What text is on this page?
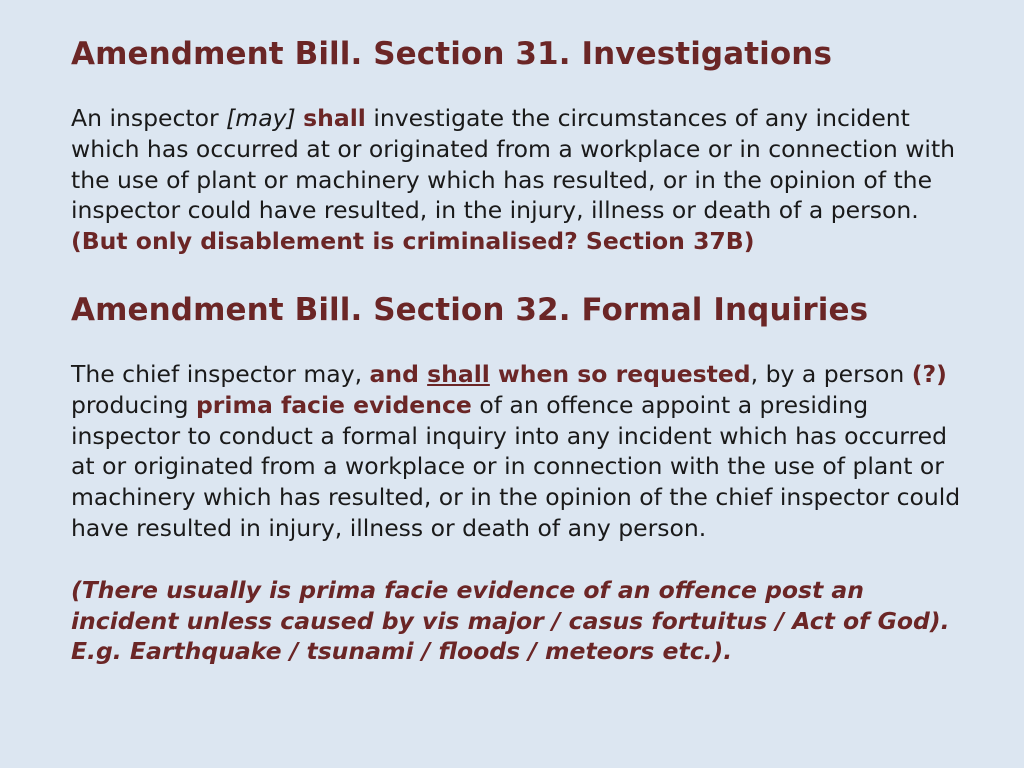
Amendment Bill. Section 31. Investigations

An inspector [may] shall investigate the circumstances of any incident which has occurred at or originated from a workplace or in connection with the use of plant or machinery which has resulted, or in the opinion of the inspector could have resulted, in the injury, illness or death of a person. (But only disablement is criminalised? Section 37B)

Amendment Bill. Section 32. Formal Inquiries

The chief inspector may, and shall when so requested, by a person (?) producing prima facie evidence of an offence appoint a presiding inspector to conduct a formal inquiry into any incident which has occurred at or originated from a workplace or in connection with the use of plant or machinery which has resulted, or in the opinion of the chief inspector could have resulted in injury, illness or death of any person.

(There usually is prima facie evidence of an offence post an incident unless caused by vis major / casus fortuitus / Act of God). E.g. Earthquake / tsunami / floods / meteors etc.).
